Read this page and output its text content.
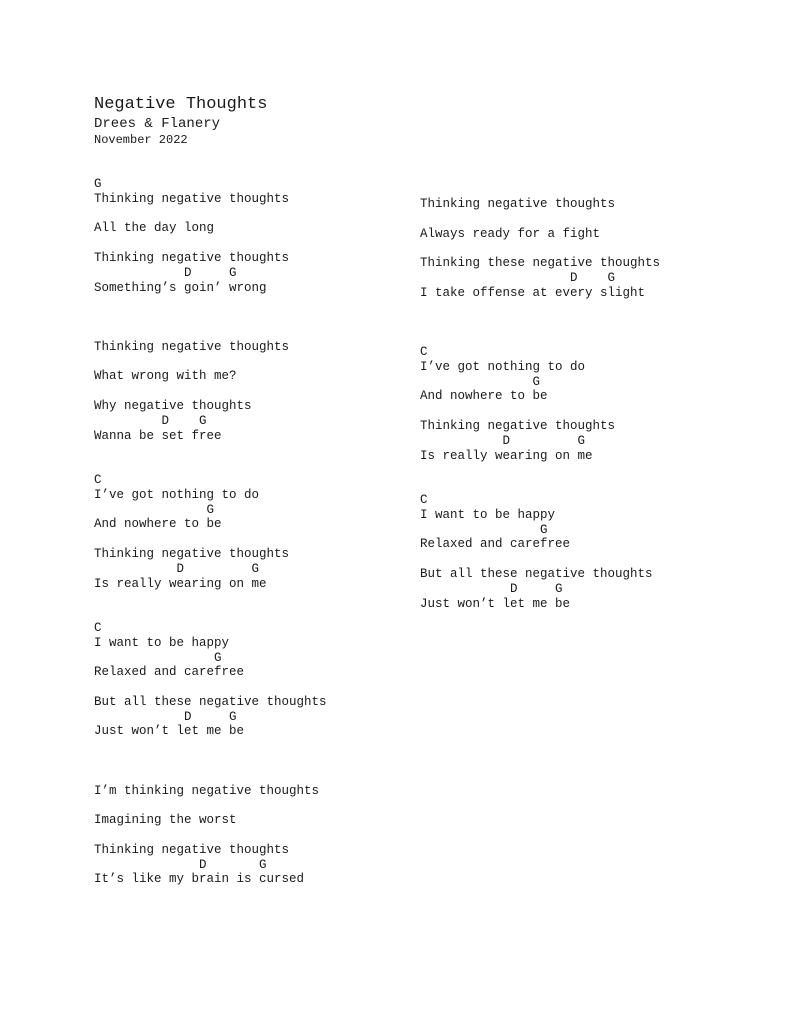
Negative Thoughts
Drees & Flanery
November 2022
G
Thinking negative thoughts
All the day long
Thinking negative thoughts
D     G
Something’s goin’ wrong
Thinking negative thoughts
What wrong with me?
Why negative thoughts
D    G
Wanna be set free
C
I’ve got nothing to do
G
And nowhere to be
Thinking negative thoughts
D         G
Is really wearing on me
C
I want to be happy
G
Relaxed and carefree
But all these negative thoughts
D     G
Just won’t let me be
I’m thinking negative thoughts
Imagining the worst
Thinking negative thoughts
D       G
It’s like my brain is cursed
Thinking negative thoughts
Always ready for a fight
Thinking these negative thoughts
D    G
I take offense at every slight
C
I’ve got nothing to do
G
And nowhere to be
Thinking negative thoughts
D         G
Is really wearing on me
C
I want to be happy
G
Relaxed and carefree
But all these negative thoughts
D     G
Just won’t let me be
